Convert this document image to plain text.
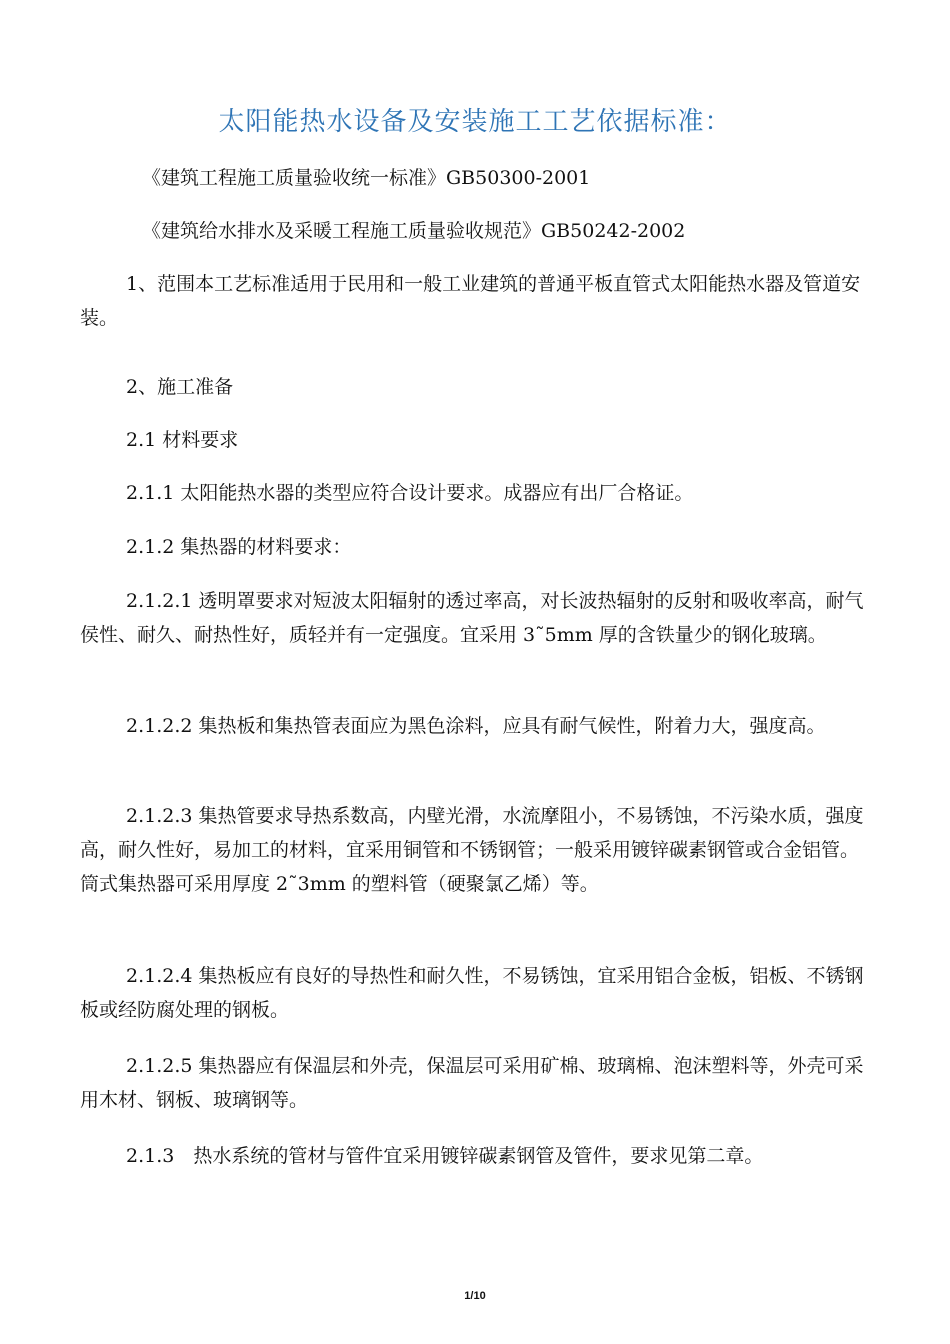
太阳能热水设备及安装施工工艺依据标准：
《建筑工程施工质量验收统一标准》GB50300-2001
《建筑给水排水及采暖工程施工质量验收规范》GB50242-2002
1、范围本工艺标准适用于民用和一般工业建筑的普通平板直管式太阳能热水器及管道安装。
2、施工准备
2.1 材料要求
2.1.1 太阳能热水器的类型应符合设计要求。成器应有出厂合格证。
2.1.2 集热器的材料要求：
2.1.2.1 透明罩要求对短波太阳辐射的透过率高，对长波热辐射的反射和吸收率高，耐气侯性、耐久、耐热性好，质轻并有一定强度。宜采用 3˜5mm 厚的含铁量少的钢化玻璃。
2.1.2.2 集热板和集热管表面应为黑色涂料，应具有耐气候性，附着力大，强度高。
2.1.2.3 集热管要求导热系数高，内壁光滑，水流摩阻小，不易锈蚀，不污染水质，强度高，耐久性好，易加工的材料，宜采用铜管和不锈钢管；一般采用镀锌碳素钢管或合金铝管。筒式集热器可采用厚度 2˜3mm 的塑料管（硬聚氯乙烯）等。
2.1.2.4 集热板应有良好的导热性和耐久性，不易锈蚀，宜采用铝合金板，铝板、不锈钢板或经防腐处理的钢板。
2.1.2.5 集热器应有保温层和外壳，保温层可采用矿棉、玻璃棉、泡沫塑料等，外壳可采用木材、钢板、玻璃钢等。
2.1.3　热水系统的管材与管件宜采用镀锌碳素钢管及管件，要求见第二章。
1/10
